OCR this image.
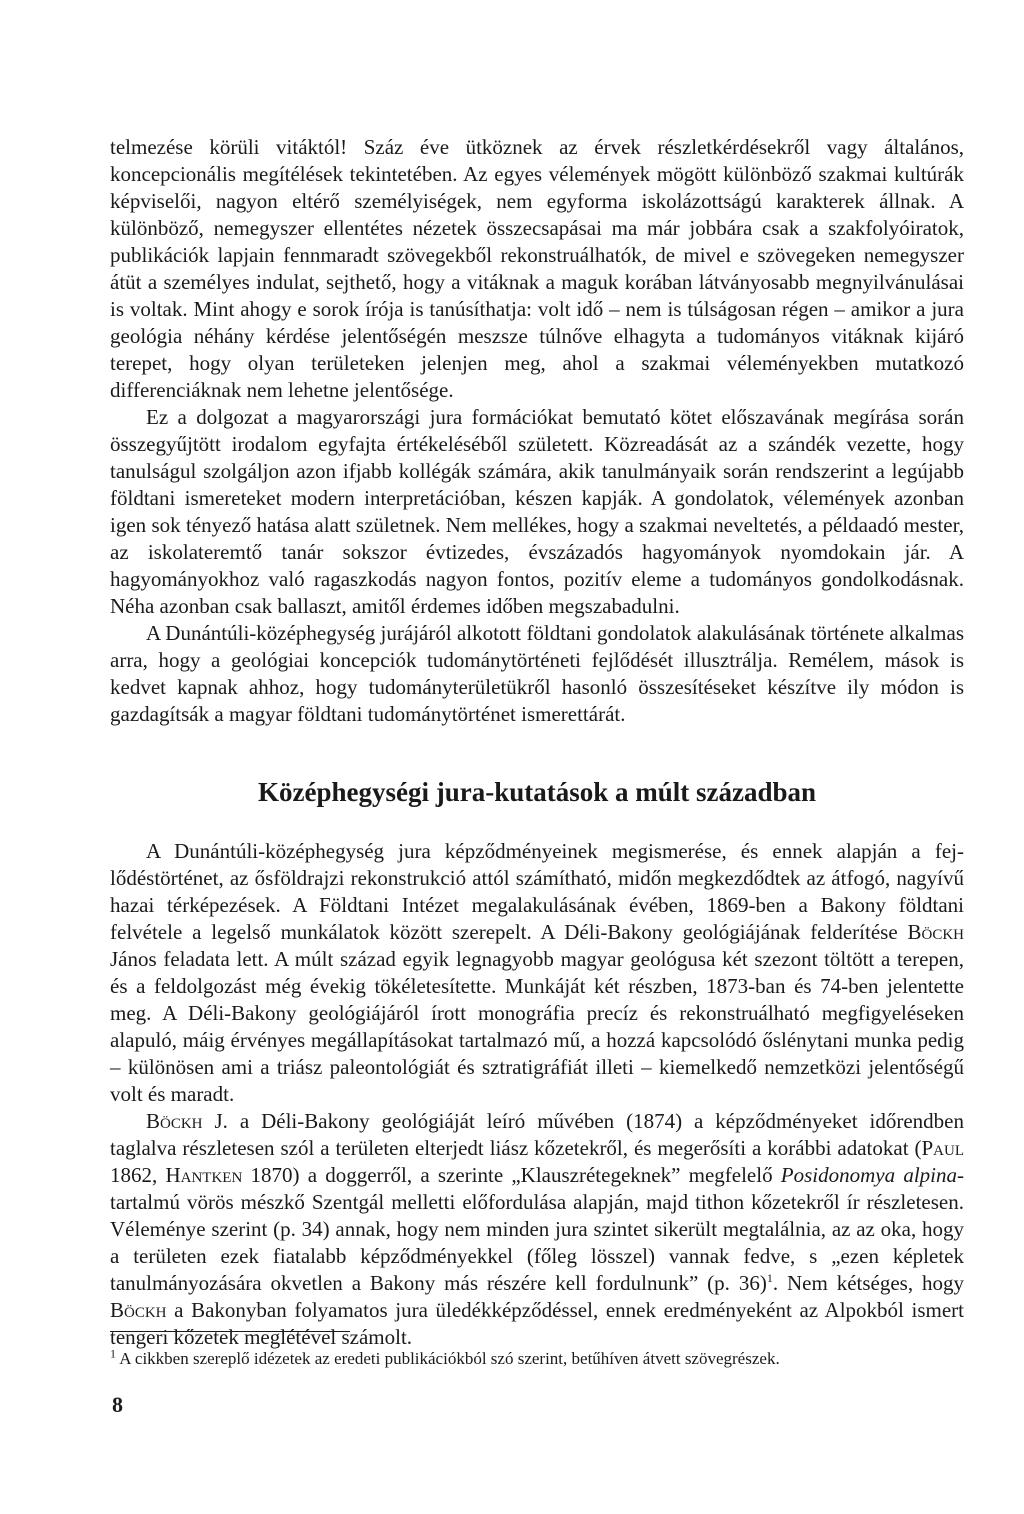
telmezése körüli vitáktól! Száz éve ütköznek az érvek részletkérdésekről vagy általános, koncepcionális megítélések tekintetében. Az egyes vélemények mögött különböző szakmai kultúrák képviselői, nagyon eltérő személyiségek, nem egyforma iskolázottságú karakterek állnak. A különböző, nemegyszer ellentétes nézetek összecsapásai ma már jobbára csak a szakfolyóiratok, publikációk lapjain fennmaradt szövegekből rekonstruálhatók, de mivel e szövegeken nemegyszer átüt a személyes indulat, sejthető, hogy a vitáknak a maguk korában látványosabb megnyilvánulásai is voltak. Mint ahogy e sorok írója is tanúsíthatja: volt idő – nem is túlságosan régen – amikor a jura geológia néhány kérdése jelentőségén meszsze túlnőve elhagyta a tudományos vitáknak kijáró terepet, hogy olyan területeken jelenjen meg, ahol a szakmai véleményekben mutatkozó differenciáknak nem lehetne jelentősége.

Ez a dolgozat a magyarországi jura formációkat bemutató kötet előszavának megírása során összegyűjtött irodalom egyfajta értékeléséből született. Közreadását az a szándék vezette, hogy tanulságul szolgáljon azon ifjabb kollégák számára, akik tanulmányaik során rendszerint a legújabb földtani ismereteket modern interpretációban, készen kapják. A gondolatok, vélemények azonban igen sok tényező hatása alatt születnek. Nem mellékes, hogy a szakmai neveltetés, a példaadó mester, az iskolateremtő tanár sokszor évtizedes, évszázadós hagyományok nyomdokain jár. A hagyományokhoz való ragaszkodás nagyon fontos, pozitív eleme a tudományos gondolkodásnak. Néha azonban csak ballaszt, amitől érdemes időben megszabadulni.

A Dunántúli-középhegység jurájáról alkotott földtani gondolatok alakulásának története alkalmas arra, hogy a geológiai koncepciók tudománytörténeti fejlődését illusztrálja. Remélem, mások is kedvet kapnak ahhoz, hogy tudományterületükről hasonló összesítéseket készítve ily módon is gazdagítsák a magyar földtani tudománytörténet ismerettárát.

Középhegységi jura-kutatások a múlt században

A Dunántúli-középhegység jura képződményeinek megismerése, és ennek alapján a fejlődéstörténet, az ősföldrajzi rekonstrukció attól számítható, midőn megkezdődtek az átfogó, nagyívű hazai térképezések. A Földtani Intézet megalakulásának évében, 1869-ben a Bakony földtani felvétele a legelső munkálatok között szerepelt. A Déli-Bakony geológiájának felderítése Böckh János feladata lett. A múlt század egyik legnagyobb magyar geológusa két szezont töltött a terepen, és a feldolgozást még évekig tökéletesítette. Munkáját két részben, 1873-ban és 74-ben jelentette meg. A Déli-Bakony geológiájáról írott monográfia precíz és rekonstruálható megfigyeléseken alapuló, máig érvényes megállapításokat tartalmazó mű, a hozzá kapcsolódó őslénytani munka pedig – különösen ami a triász paleontológiát és sztratigráfiát illeti – kiemelkedő nemzetközi jelentőségű volt és maradt.

Böckh J. a Déli-Bakony geológiáját leíró művében (1874) a képződményeket időrendben taglalva részletesen szól a területen elterjedt liász kőzetekről, és megerősíti a korábbi adatokat (Paul 1862, Hantken 1870) a doggerről, a szerinte „Klauszrétegeknek” megfelelő Posidonomya alpina-tartalmú vörös mészkő Szentgál melletti előfordulása alapján, majd tithon kőzetekről ír részletesen. Véleménye szerint (p. 34) annak, hogy nem minden jura szintet sikerült megtalálnia, az az oka, hogy a területen ezek fiatalabb képződményekkel (főleg lösszel) vannak fedve, s „ezen képletek tanulmányozására okvetlen a Bakony más részére kell fordulnunk” (p. 36)$^1$. Nem kétséges, hogy Böckh a Bakonyban folyamatos jura üledékképződéssel, ennek eredményeként az Alpokból ismert tengeri kőzetek meglétével számolt.

$^1$ A cikkben szereplő idézetek az eredeti publikációkból szó szerint, betűhíven átvett szövegrészek.
8
